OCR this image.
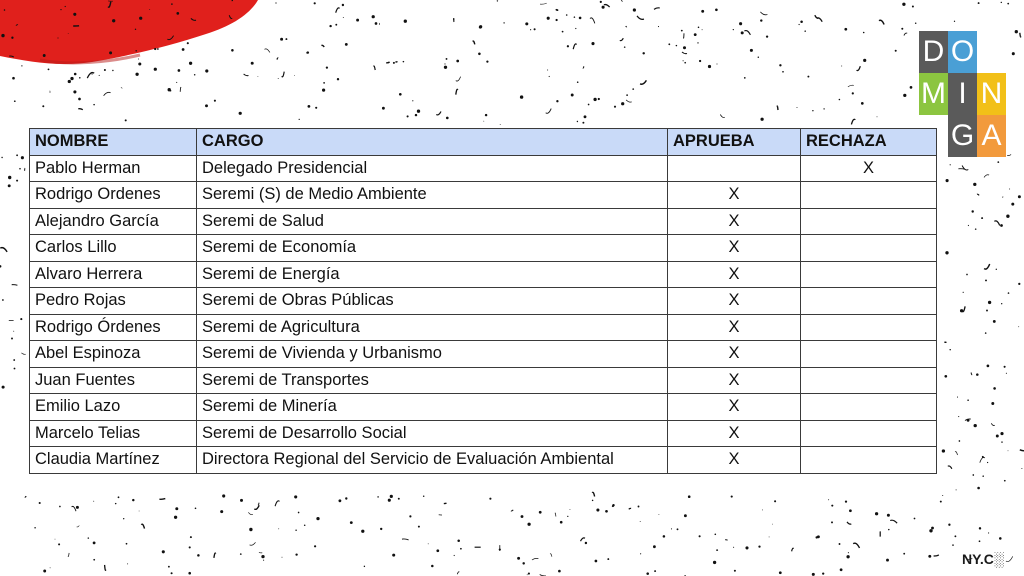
D O
M I N
G A
NOMBRE	CARGO	APRUEBA	RECHAZA
Pablo Herman	Delegado Presidencial		X
Rodrigo Ordenes	Seremi (S) de Medio Ambiente	X	
Alejandro García	Seremi de Salud	X	
Carlos Lillo	Seremi de Economía	X	
Alvaro Herrera	Seremi de Energía	X	
Pedro Rojas	Seremi de Obras Públicas	X	
Rodrigo Órdenes	Seremi de Agricultura	X	
Abel Espinoza	Seremi de Vivienda y Urbanismo	X	
Juan Fuentes	Seremi de Transportes	X	
Emilio Lazo	Seremi de Minería	X	
Marcelo Telias	Seremi de Desarrollo Social	X	
Claudia Martínez	Directora Regional del Servicio de Evaluación Ambiental	X	
NY.C░
